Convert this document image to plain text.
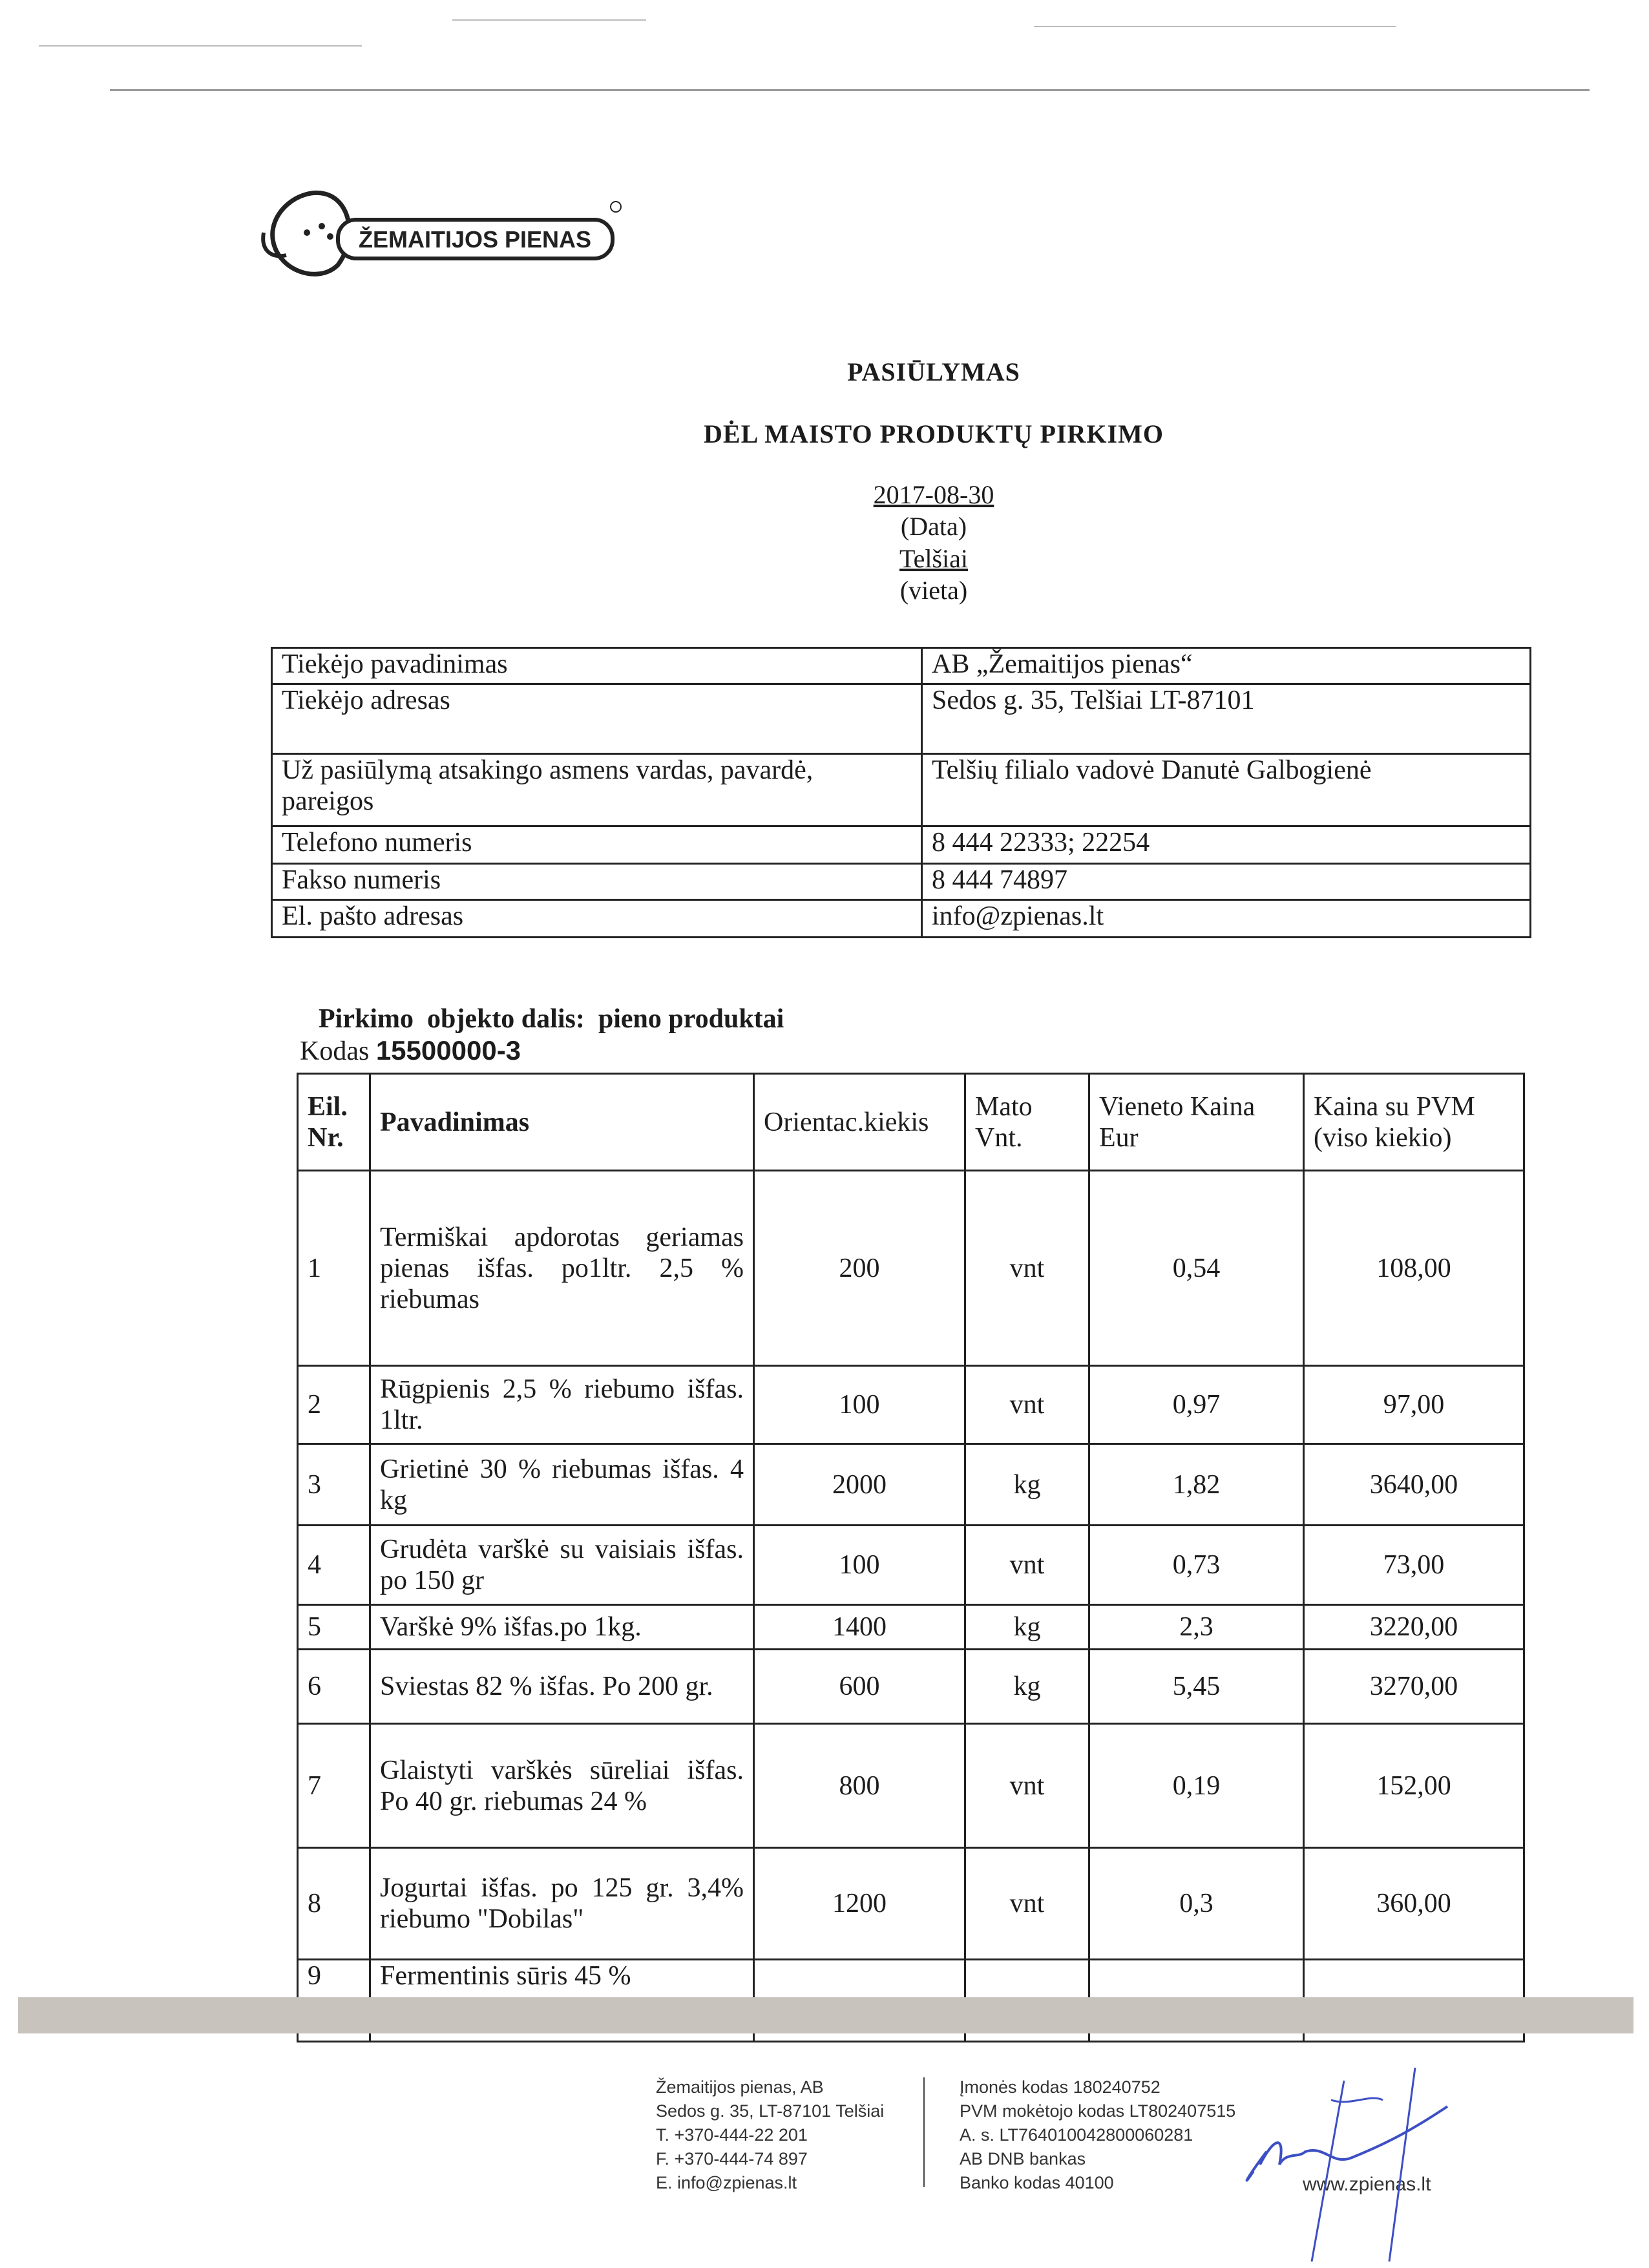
ŽEMAITIJOS PIENAS
PASIŪLYMAS
DĖL MAISTO PRODUKTŲ PIRKIMO
2017-08-30
(Data)
Telšiai
(vieta)
Tiekėjo pavadinimas	AB „Žemaitijos pienas“
Tiekėjo adresas	Sedos g. 35, Telšiai LT-87101
Už pasiūlymą atsakingo asmens vardas, pavardė, pareigos	Telšių filialo vadovė Danutė Galbogienė
Telefono numeris	8 444 22333; 22254
Fakso numeris	8 444 74897
El. pašto adresas	info@zpienas.lt
Pirkimo  objekto dalis:  pieno produktai
Kodas 15500000-3
Eil. Nr.	Pavadinimas	Orientac.kiekis	Mato Vnt.	Vieneto Kaina Eur	Kaina su PVM (viso kiekio)
1	Termiškai apdorotas geriamas pienas išfas. po1ltr. 2,5 % riebumas	200	vnt	0,54	108,00
2	Rūgpienis 2,5 % riebumo išfas. 1ltr.	100	vnt	0,97	97,00
3	Grietinė 30 % riebumas išfas. 4 kg	2000	kg	1,82	3640,00
4	Grudėta varškė su vaisiais išfas. po 150 gr	100	vnt	0,73	73,00
5	Varškė 9% išfas.po 1kg.	1400	kg	2,3	3220,00
6	Sviestas 82 % išfas. Po 200 gr.	600	kg	5,45	3270,00
7	Glaistyti varškės sūreliai išfas. Po 40 gr. riebumas 24 %	800	vnt	0,19	152,00
8	Jogurtai išfas. po 125 gr. 3,4% riebumo "Dobilas"	1200	vnt	0,3	360,00
9	Fermentinis sūris 45 %				
Žemaitijos pienas, AB
Sedos g. 35, LT-87101 Telšiai
T. +370-444-22 201
F. +370-444-74 897
E. info@zpienas.lt
Įmonės kodas 180240752
PVM mokėtojo kodas LT802407515
A. s. LT764010042800060281
AB DNB bankas
Banko kodas 40100	www.zpienas.lt
